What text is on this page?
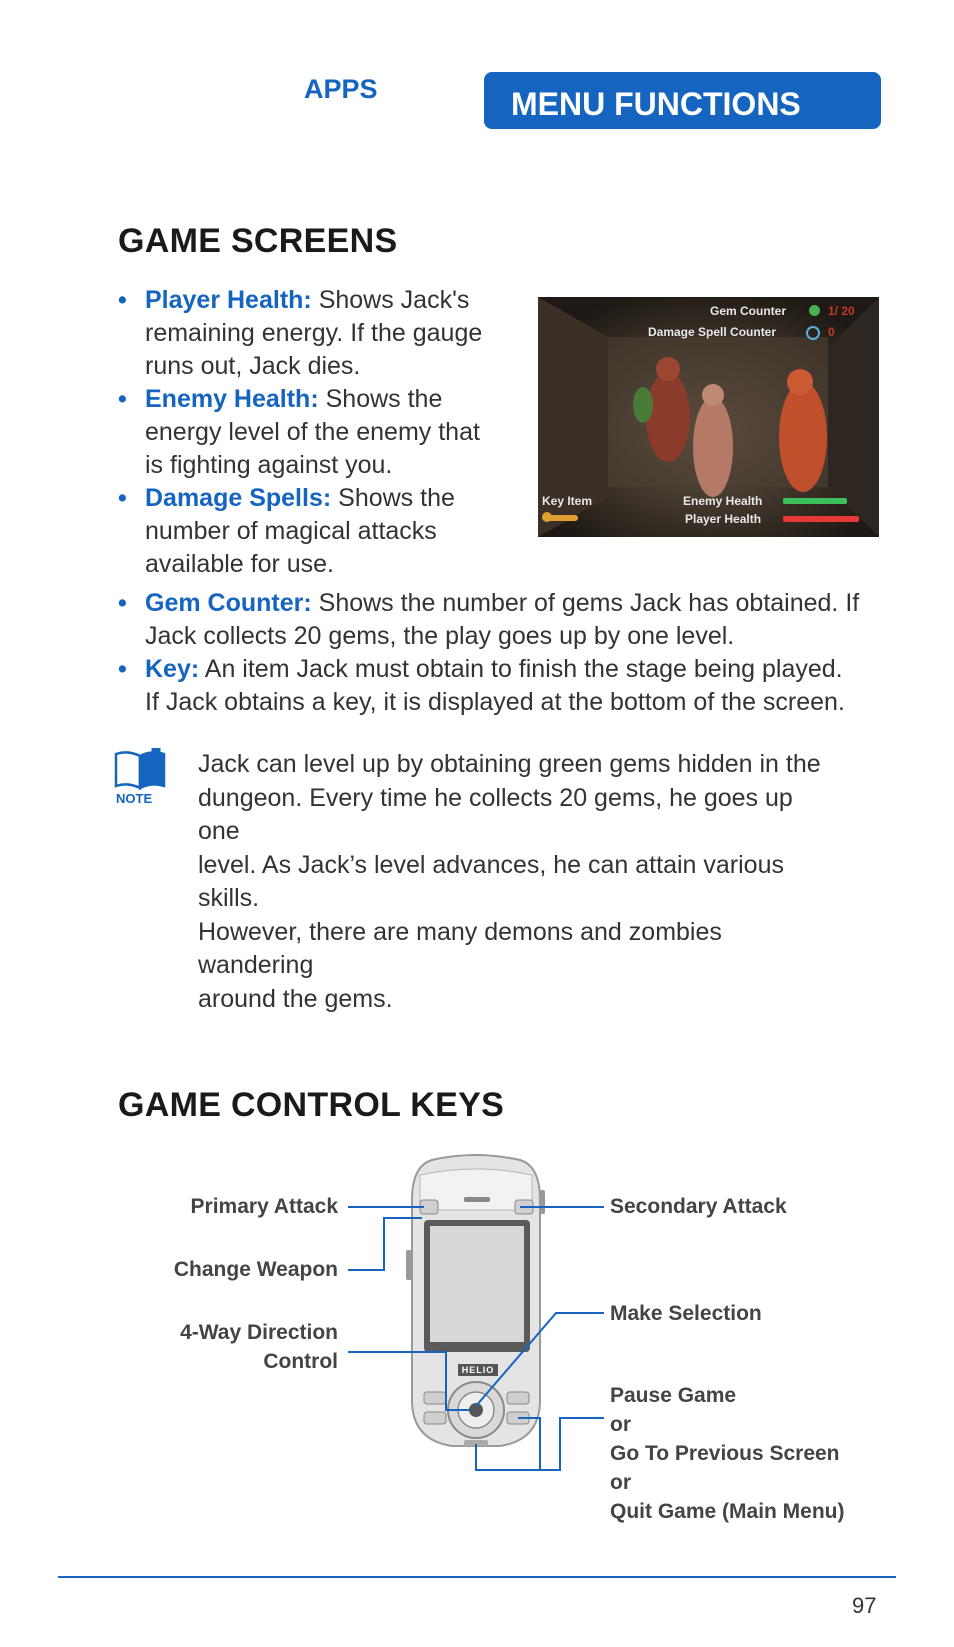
APPS	MENU FUNCTIONS
GAME SCREENS
• Player Health: Shows Jack's
remaining energy. If the gauge
runs out, Jack dies.
• Enemy Health: Shows the
energy level of the enemy that
is fighting against you.
• Damage Spells: Shows the
number of magical attacks
available for use.
Gem Counter	1/ 20
Damage Spell Counter	0
Key Item	Enemy Health
Player Health
• Gem Counter: Shows the number of gems Jack has obtained. If
Jack collects 20 gems, the play goes up by one level.
• Key: An item Jack must obtain to finish the stage being played.
If Jack obtains a key, it is displayed at the bottom of the screen.
NOTE
Jack can level up by obtaining green gems hidden in the
dungeon. Every time he collects 20 gems, he goes up one
level. As Jack’s level advances, he can attain various skills.
However, there are many demons and zombies wandering
around the gems.
GAME CONTROL KEYS
HELIO
Primary Attack
Change Weapon
4-Way Direction
Control
Secondary Attack
Make Selection
Pause Game
or
Go To Previous Screen
or
Quit Game (Main Menu)
97
